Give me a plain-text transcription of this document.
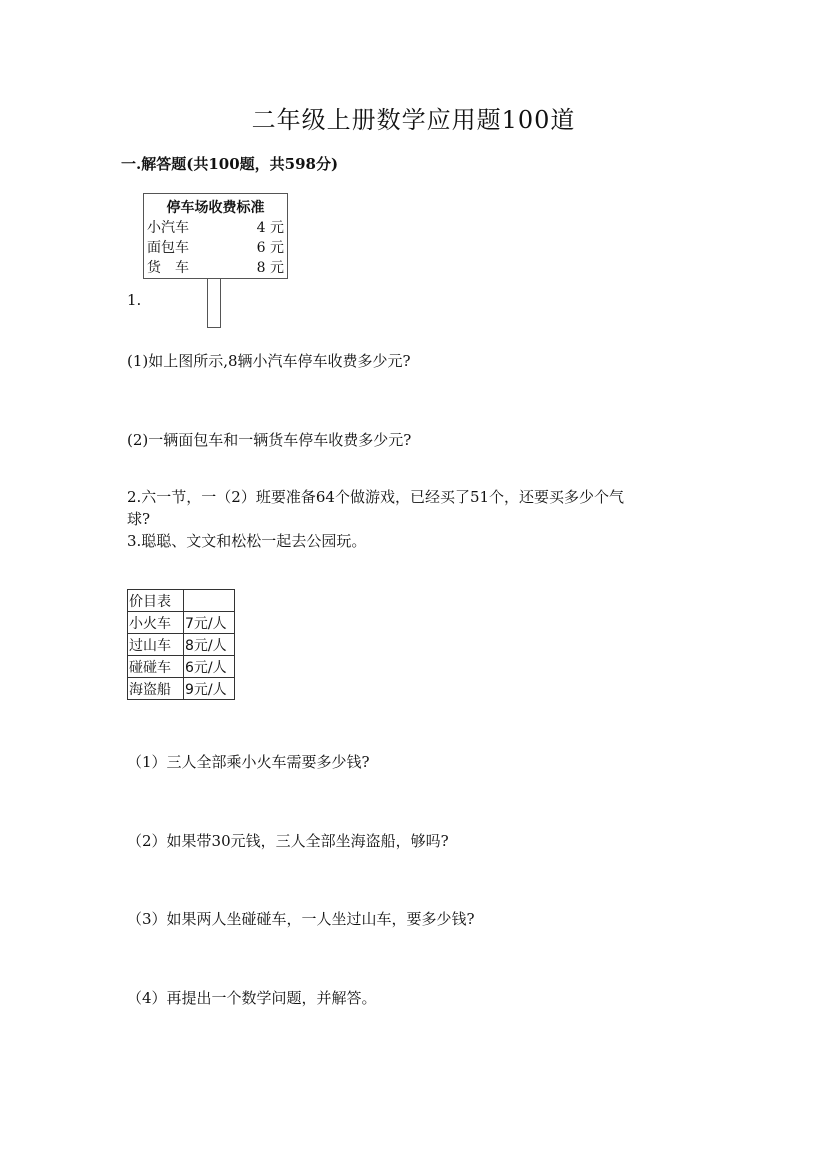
二年级上册数学应用题100道
一.解答题(共100题，共598分)
停车场收费标准
小汽车	4 元
面包车	6 元
货　车	8 元
1.
(1)如上图所示,8辆小汽车停车收费多少元?
(2)一辆面包车和一辆货车停车收费多少元?
2.六一节，一（2）班要准备64个做游戏，已经买了51个，还要买多少个气
球?
3.聪聪、文文和松松一起去公园玩。
价目表	
小火车	7元/人
过山车	8元/人
碰碰车	6元/人
海盗船	9元/人
（1）三人全部乘小火车需要多少钱?
（2）如果带30元钱，三人全部坐海盗船，够吗?
（3）如果两人坐碰碰车，一人坐过山车，要多少钱?
（4）再提出一个数学问题，并解答。
